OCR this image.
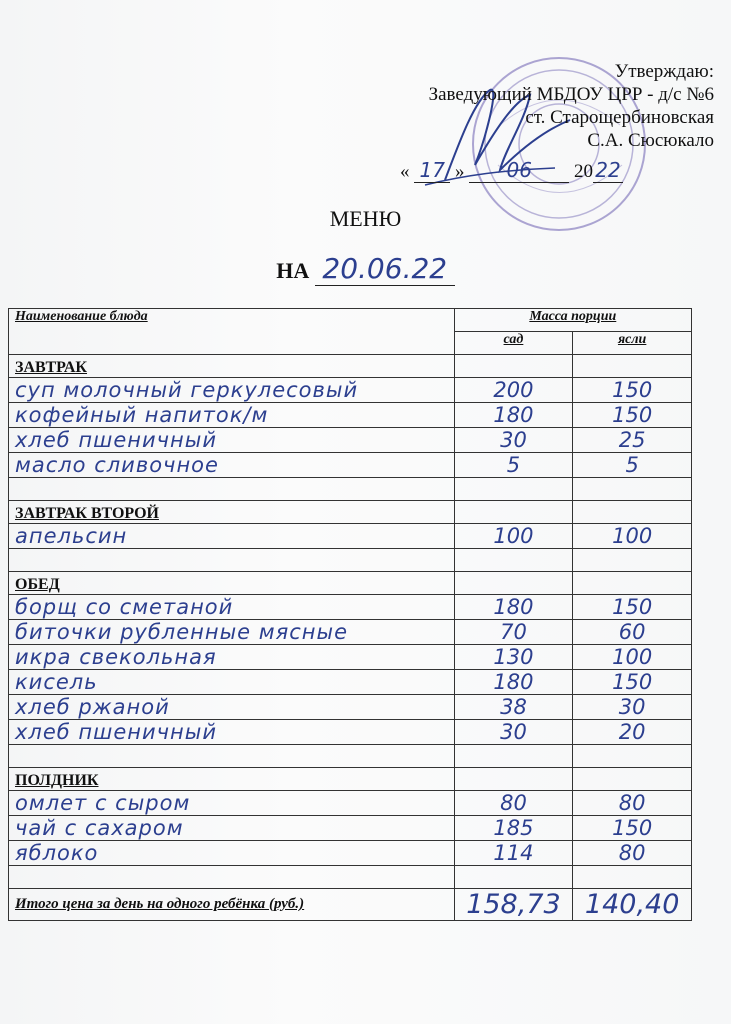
Утверждаю:
Заведующий МБДОУ ЦРР - д/с №6
ст. Старощербиновская
С.А. Сюсюкало
« 17 » 06 20 22
МЕНЮ
НА 20.06.22
Наименование блюда	Масса порции	
	сад	ясли
ЗАВТРАК		
суп молочный геркулесовый	200	150
кофейный напиток/м	180	150
хлеб пшеничный	30	25
масло сливочное	5	5

ЗАВТРАК ВТОРОЙ		
апельсин	100	100

ОБЕД		
борщ со сметаной	180	150
биточки рубленные мясные	70	60
икра свекольная	130	100
кисель	180	150
хлеб ржаной	38	30
хлеб пшеничный	30	20

ПОЛДНИК		
омлет с сыром	80	80
чай с сахаром	185	150
яблоко	114	80

Итого цена за день на одного ребёнка (руб.)	158,73	140,40
